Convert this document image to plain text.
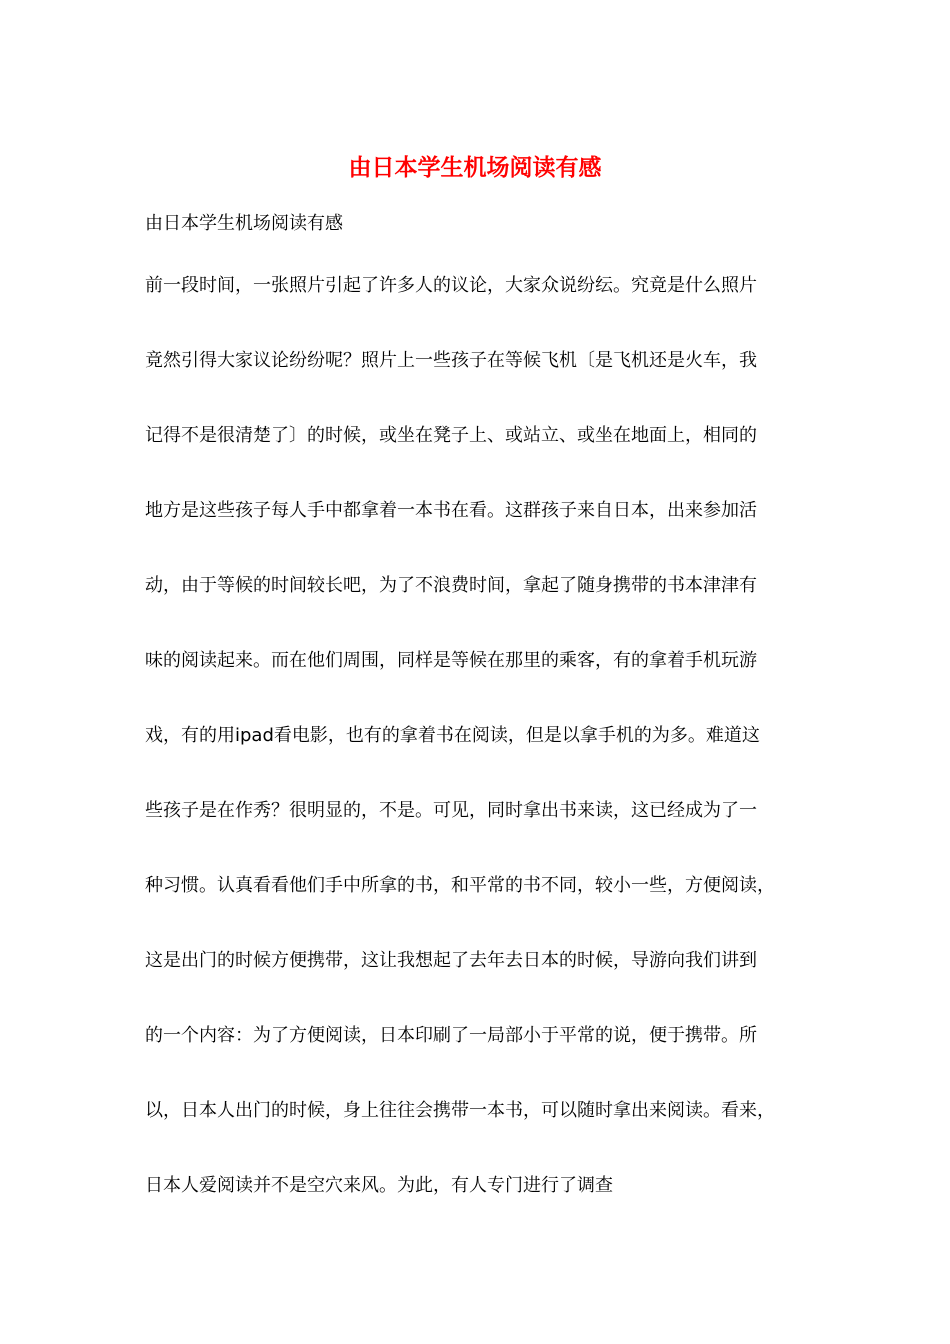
由日本学生机场阅读有感
由日本学生机场阅读有感
前一段时间，一张照片引起了许多人的议论，大家众说纷纭。究竟是什么照片
竟然引得大家议论纷纷呢？照片上一些孩子在等候飞机〔是飞机还是火车，我
记得不是很清楚了〕的时候，或坐在凳子上、或站立、或坐在地面上，相同的
地方是这些孩子每人手中都拿着一本书在看。这群孩子来自日本，出来参加活
动，由于等候的时间较长吧，为了不浪费时间，拿起了随身携带的书本津津有
味的阅读起来。而在他们周围，同样是等候在那里的乘客，有的拿着手机玩游
戏，有的用ipad看电影，也有的拿着书在阅读，但是以拿手机的为多。难道这
些孩子是在作秀？很明显的，不是。可见，同时拿出书来读，这已经成为了一
种习惯。认真看看他们手中所拿的书，和平常的书不同，较小一些，方便阅读，
这是出门的时候方便携带，这让我想起了去年去日本的时候，导游向我们讲到
的一个内容：为了方便阅读，日本印刷了一局部小于平常的说，便于携带。所
以，日本人出门的时候，身上往往会携带一本书，可以随时拿出来阅读。看来，
日本人爱阅读并不是空穴来风。为此，有人专门进行了调查
